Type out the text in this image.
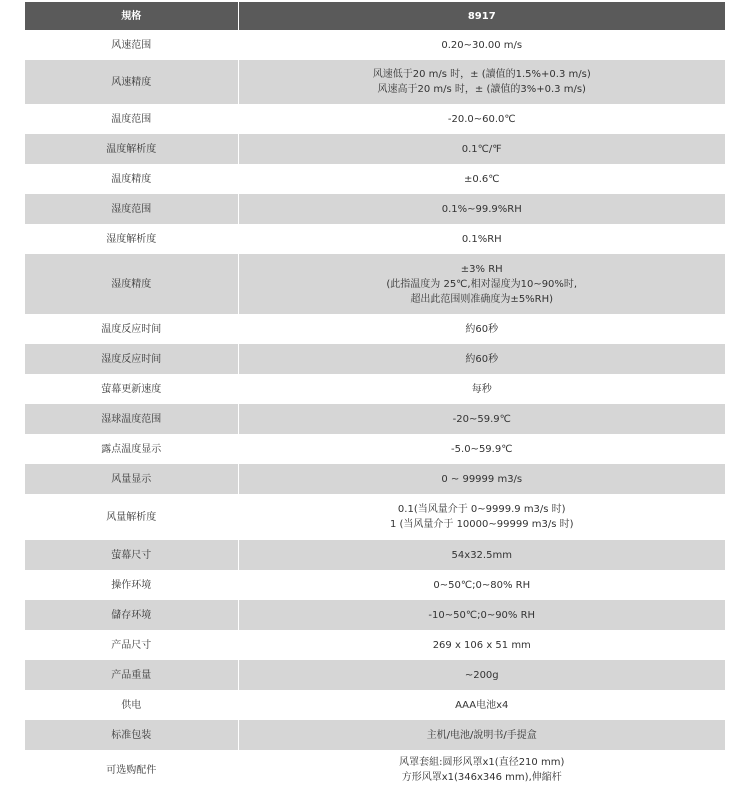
規格	8917
风速范围	0.20~30.00 m/s

风速精度	风速低于20 m/s 时，± (讀值的1.5%+0.3 m/s)
风速高于20 m/s 时，± (讀值的3%+0.3 m/s)

温度范围	-20.0~60.0℃

温度解析度	0.1℃/℉

温度精度	±0.6℃

湿度范围	0.1%~99.9%RH

湿度解析度	0.1%RH

湿度精度	±3% RH
(此指温度为 25℃,相对湿度为10~90%时,
超出此范围则准确度为±5%RH)

温度反应时间	約60秒

湿度反应时间	約60秒

萤幕更新速度	每秒

湿球温度范围	-20~59.9℃

露点温度显示	-5.0~59.9℃

风量显示	0 ~ 99999 m3/s

风量解析度	0.1(当风量介于 0~9999.9 m3/s 时)
1 (当风量介于 10000~99999 m3/s 时)

萤幕尺寸	54x32.5mm

操作环境	0~50℃;0~80% RH

儲存环境	-10~50℃;0~90% RH

产品尺寸	269 x 106 x 51 mm

产品重量	~200g

供电	AAA电池x4

标准包装	主机/电池/說明书/手提盒

可选购配件	风罩套組:圆形风罩x1(直径210 mm)
方形风罩x1(346x346 mm),伸縮杆
